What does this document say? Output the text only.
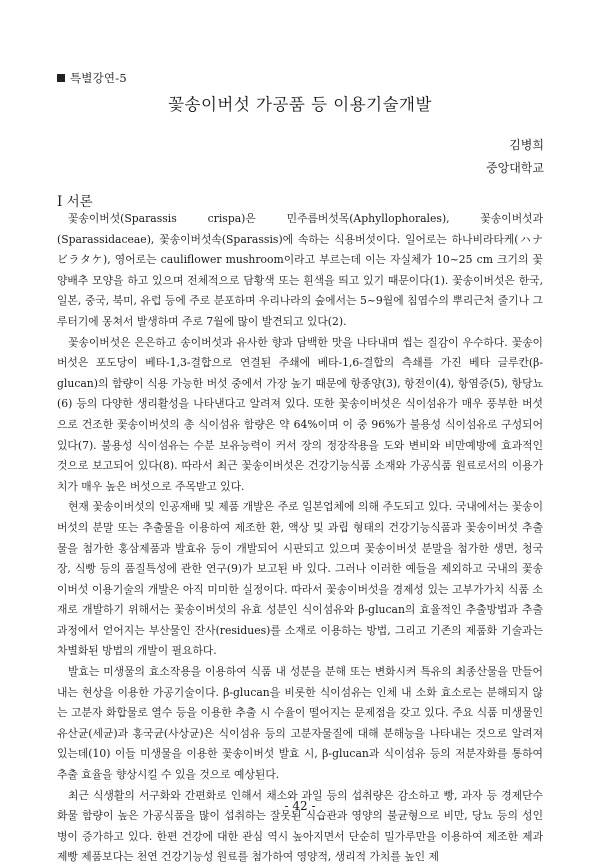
특별강연-5
꽃송이버섯 가공품 등 이용기술개발
김병희
중앙대학교
Ⅰ 서론

꽃송이버섯(Sparassis crispa)은 민주름버섯목(Aphyllophorales), 꽃송이버섯과(Sparassidaceae), 꽃송이버섯속(Sparassis)에 속하는 식용버섯이다. 일어로는 하나비라타케(ハナビラタケ), 영어로는 cauliflower mushroom이라고 부르는데 이는 자실체가 10~25 cm 크기의 꽃양배추 모양을 하고 있으며 전체적으로 담황색 또는 흰색을 띄고 있기 때문이다(1). 꽃송이버섯은 한국, 일본, 중국, 북미, 유럽 등에 주로 분포하며 우리나라의 숲에서는 5~9월에 침엽수의 뿌리근처 줄기나 그루터기에 몽쳐서 발생하며 주로 7월에 많이 발견되고 있다(2).

꽃송이버섯은 은은하고 송이버섯과 유사한 향과 담백한 맛을 나타내며 씹는 질감이 우수하다. 꽃송이버섯은 포도당이 베타-1,3-결합으로 연결된 주쇄에 베타-1,6-결합의 측쇄를 가진 베타 글루칸(β-glucan)의 함량이 식용 가능한 버섯 중에서 가장 높기 때문에 항종양(3), 항전이(4), 항염증(5), 항당뇨(6) 등의 다양한 생리활성을 나타낸다고 알려져 있다. 또한 꽃송이버섯은 식이섬유가 매우 풍부한 버섯으로 건조한 꽃송이버섯의 총 식이섬유 함량은 약 64%이며 이 중 96%가 불용성 식이섬유로 구성되어 있다(7). 불용성 식이섬유는 수분 보유능력이 커서 장의 정장작용을 도와 변비와 비만예방에 효과적인 것으로 보고되어 있다(8). 따라서 최근 꽃송이버섯은 건강기능식품 소재와 가공식품 원료로서의 이용가치가 매우 높은 버섯으로 주목받고 있다.

현재 꽃송이버섯의 인공재배 및 제품 개발은 주로 일본업체에 의해 주도되고 있다. 국내에서는 꽃송이버섯의 분말 또는 추출물을 이용하여 제조한 환, 액상 및 과립 형태의 건강기능식품과 꽃송이버섯 추출물을 첨가한 홍삼제품과 발효유 등이 개발되어 시판되고 있으며 꽃송이버섯 분말을 첨가한 생면, 청국장, 식빵 등의 품질특성에 관한 연구(9)가 보고된 바 있다. 그러나 이러한 예들을 제외하고 국내의 꽃송이버섯 이용기술의 개발은 아직 미미한 실정이다. 따라서 꽃송이버섯을 경제성 있는 고부가가치 식품 소재로 개발하기 위해서는 꽃송이버섯의 유효 성분인 식이섬유와 β-glucan의 효율적인 추출방법과 추출과정에서 얻어지는 부산물인 잔사(residues)를 소재로 이용하는 방법, 그리고 기존의 제품화 기술과는 차별화된 방법의 개발이 필요하다.

발효는 미생물의 효소작용을 이용하여 식품 내 성분을 분해 또는 변화시켜 특유의 최종산물을 만들어내는 현상을 이용한 가공기술이다. β-glucan을 비롯한 식이섬유는 인체 내 소화 효소로는 분해되지 않는 고분자 화합물로 열수 등을 이용한 추출 시 수율이 떨어지는 문제점을 갖고 있다. 주요 식품 미생물인 유산균(세균)과 홍국균(사상균)은 식이섬유 등의 고분자물질에 대해 분해능을 나타내는 것으로 알려져 있는데(10) 이들 미생물을 이용한 꽃송이버섯 발효 시, β-glucan과 식이섬유 등의 저분자화를 통하여 추출 효율을 향상시킬 수 있을 것으로 예상된다.

최근 식생활의 서구화와 간편화로 인해서 채소와 과일 등의 섭취량은 감소하고 빵, 과자 등 경제단수화물 함량이 높은 가공식품을 많이 섭취하는 잘못된 식습관과 영양의 불균형으로 비만, 당뇨 등의 성인병이 증가하고 있다. 한편 건강에 대한 관심 역시 높아지면서 단순히 밀가루만을 이용하여 제조한 제과제빵 제품보다는 천연 건강기능성 원료를 첨가하여 영양적, 생리적 가치를 높인 제

- 42 -
